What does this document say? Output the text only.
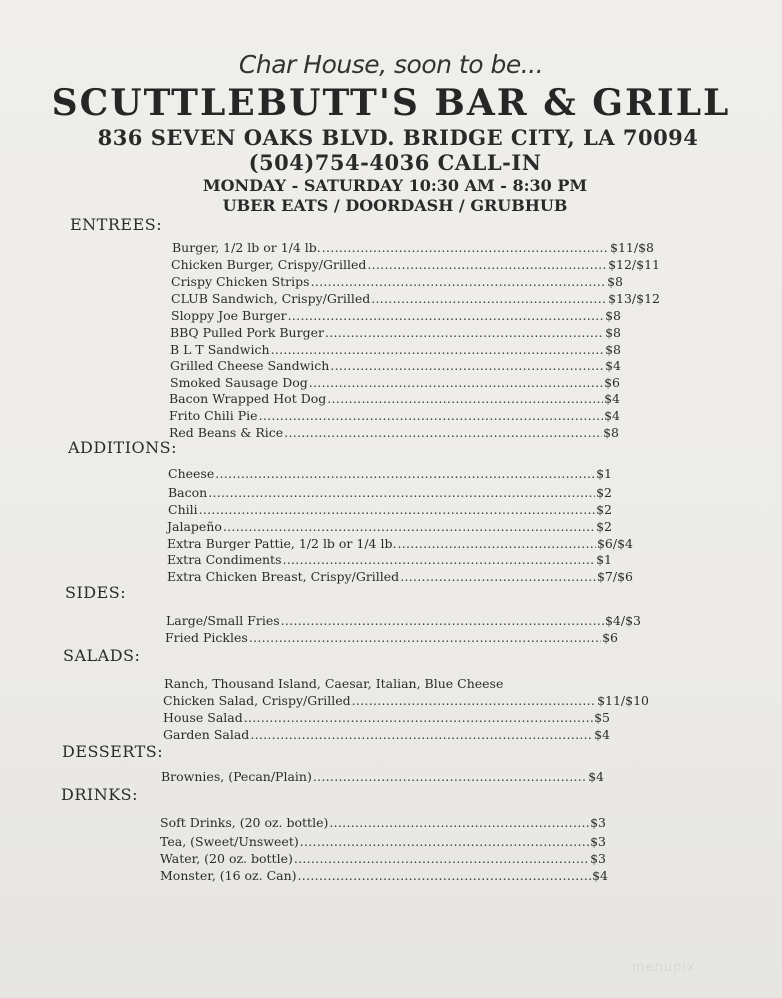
Char House, soon to be...
SCUTTLEBUTT'S BAR & GRILL
836 SEVEN OAKS BLVD. BRIDGE CITY, LA 70094
(504)754-4036 CALL-IN
MONDAY - SATURDAY 10:30 AM - 8:30 PM
UBER EATS / DOORDASH / GRUBHUB
ENTREES:
Burger, 1/2 lb or 1/4 lb. .....	$11/$8
Chicken Burger, Crispy/Grilled .....	$12/$11
Crispy Chicken Strips .....	$8
CLUB Sandwich, Crispy/Grilled .....	$13/$12
Sloppy Joe Burger .....	$8
BBQ Pulled Pork Burger .....	$8
B L T Sandwich .....	$8
Grilled Cheese Sandwich .....	$4
Smoked Sausage Dog .....	$6
Bacon Wrapped Hot Dog .....	$4
Frito Chili Pie .....	$4
Red Beans & Rice .....	$8
ADDITIONS:
Cheese .....	$1
Bacon .....	$2
Chili .....	$2
Jalapeño .....	$2
Extra Burger Pattie, 1/2 lb or 1/4 lb. .....	$6/$4
Extra Condiments .....	$1
Extra Chicken Breast, Crispy/Grilled .....	$7/$6
SIDES:
Large/Small Fries .....	$4/$3
Fried Pickles .....	$6
SALADS:
Ranch, Thousand Island, Caesar, Italian, Blue Cheese
Chicken Salad, Crispy/Grilled .....	$11/$10
House Salad .....	$5
Garden Salad .....	$4
DESSERTS:
Brownies, (Pecan/Plain) .....	$4
DRINKS:
Soft Drinks, (20 oz. bottle) .....	$3
Tea, (Sweet/Unsweet) .....	$3
Water, (20 oz. bottle) .....	$3
Monster, (16 oz. Can) .....	$4
menupix
